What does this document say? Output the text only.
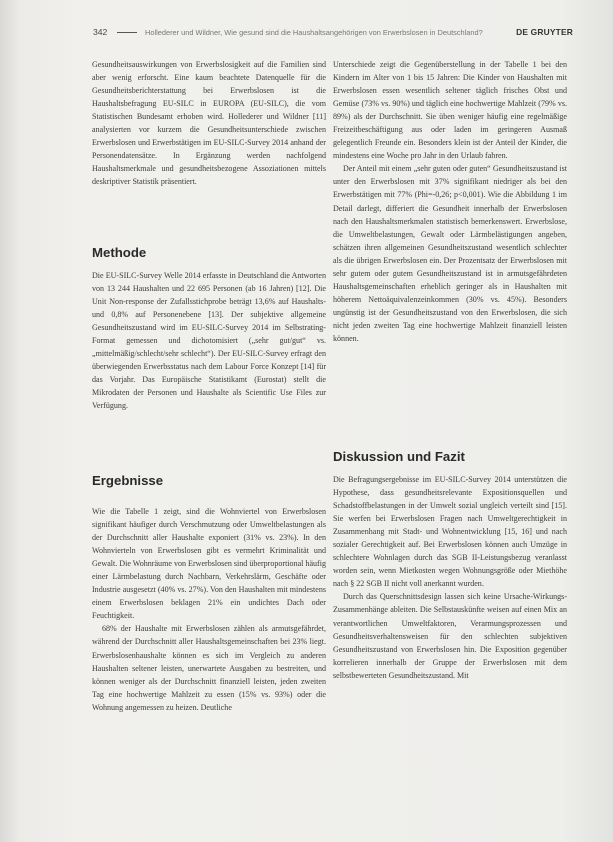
342	Hollederer und Wildner, Wie gesund sind die Haushaltsangehörigen von Erwerbslosen in Deutschland?	DE GRUYTER

Gesundheitsauswirkungen von Erwerbslosigkeit auf die Familien sind aber wenig erforscht. Eine kaum beachtete Datenquelle für die Gesundheitsberichterstattung bei Erwerbslosen ist die Haushaltsbefragung EU-SILC in EUROPA (EU-SILC), die vom Statistischen Bundesamt erhoben wird. Hollederer und Wildner [11] analysierten vor kurzem die Gesundheitsunterschiede zwischen Erwerbslosen und Erwerbstätigen im EU-SILC-Survey 2014 anhand der Personendatensätze. In Ergänzung werden nachfolgend Haushaltsmerkmale und gesundheitsbezogene Assoziationen mittels deskriptiver Statistik präsentiert.

Methode

Die EU-SILC-Survey Welle 2014 erfasste in Deutschland die Antworten von 13 244 Haushalten und 22 695 Personen (ab 16 Jahren) [12]. Die Unit Non-response der Zufallsstichprobe beträgt 13,6% auf Haushalts- und 0,8% auf Personenebene [13]. Der subjektive allgemeine Gesundheitszustand wird im EU-SILC-Survey 2014 im Selbstrating-Format gemessen und dichotomisiert („sehr gut/gut“ vs. „mittelmäßig/schlecht/sehr schlecht“). Der EU-SILC-Survey erfragt den überwiegenden Erwerbsstatus nach dem Labour Force Konzept [14] für das Vorjahr. Das Europäische Statistikamt (Eurostat) stellt die Mikrodaten der Personen und Haushalte als Scientific Use Files zur Verfügung.

Ergebnisse

Wie die Tabelle 1 zeigt, sind die Wohnviertel von Erwerbslosen signifikant häufiger durch Verschmutzung oder Umweltbelastungen als der Durchschnitt aller Haushalte exponiert (31% vs. 23%). In den Wohnvierteln von Erwerbslosen gibt es vermehrt Kriminalität und Gewalt. Die Wohnräume von Erwerbslosen sind überproportional häufig einer Lärmbelastung durch Nachbarn, Verkehrslärm, Geschäfte oder Industrie ausgesetzt (40% vs. 27%). Von den Haushalten mit mindestens einem Erwerbslosen beklagen 21% ein undichtes Dach oder Feuchtigkeit.

68% der Haushalte mit Erwerbslosen zählen als armutsgefährdet, während der Durchschnitt aller Haushaltsgemeinschaften bei 23% liegt. Erwerbslosenhaushalte können es sich im Vergleich zu anderen Haushalten seltener leisten, unerwartete Ausgaben zu bestreiten, und können weniger als der Durchschnitt finanziell leisten, jeden zweiten Tag eine hochwertige Mahlzeit zu essen (15% vs. 93%) oder die Wohnung angemessen zu heizen. Deutliche

Unterschiede zeigt die Gegenüberstellung in der Tabelle 1 bei den Kindern im Alter von 1 bis 15 Jahren: Die Kinder von Haushalten mit Erwerbslosen essen wesentlich seltener täglich frisches Obst und Gemüse (73% vs. 90%) und täglich eine hochwertige Mahlzeit (79% vs. 89%) als der Durchschnitt. Sie üben weniger häufig eine regelmäßige Freizeitbeschäftigung aus oder laden im geringeren Ausmaß gelegentlich Freunde ein. Besonders klein ist der Anteil der Kinder, die mindestens eine Woche pro Jahr in den Urlaub fahren.

Der Anteil mit einem „sehr guten oder guten“ Gesundheitszustand ist unter den Erwerbslosen mit 37% signifikant niedriger als bei den Erwerbstätigen mit 77% (Phi=-0,26; p<0,001). Wie die Abbildung 1 im Detail darlegt, differiert die Gesundheit innerhalb der Erwerbslosen nach den Haushaltsmerkmalen statistisch bemerkenswert. Erwerbslose, die Umweltbelastungen, Gewalt oder Lärmbelästigungen angeben, schätzen ihren allgemeinen Gesundheitszustand wesentlich schlechter als die übrigen Erwerbslosen ein. Der Prozentsatz der Erwerbslosen mit sehr gutem oder gutem Gesundheitszustand ist in armutsgefährdeten Haushaltsgemeinschaften erheblich geringer als in Haushalten mit höherem Nettoäquivalenzeinkommen (30% vs. 45%). Besonders ungünstig ist der Gesundheitszustand von den Erwerbslosen, die sich nicht jeden zweiten Tag eine hochwertige Mahlzeit finanziell leisten können.

Diskussion und Fazit

Die Befragungsergebnisse im EU-SILC-Survey 2014 unterstützen die Hypothese, dass gesundheitsrelevante Expositionsquellen und Schadstoffbelastungen in der Umwelt sozial ungleich verteilt sind [15]. Sie werfen bei Erwerbslosen Fragen nach Umweltgerechtigkeit in Zusammenhang mit Stadt- und Wohnentwicklung [15, 16] und nach sozialer Gerechtigkeit auf. Bei Erwerbslosen können auch Umzüge in schlechtere Wohnlagen durch das SGB II-Leistungsbezug veranlasst worden sein, wenn Mietkosten wegen Wohnungsgröße oder Miethöhe nach § 22 SGB II nicht voll anerkannt wurden.

Durch das Querschnittsdesign lassen sich keine Ursache-Wirkungs-Zusammenhänge ableiten. Die Selbstauskünfte weisen auf einen Mix an verantwortlichen Umweltfaktoren, Verarmungsprozessen und Gesundheitsverhaltensweisen für den schlechten subjektiven Gesundheitszustand von Erwerbslosen hin. Die Exposition gegenüber korrelieren innerhalb der Gruppe der Erwerbslosen mit dem selbstbewerteten Gesundheitszustand. Mit
